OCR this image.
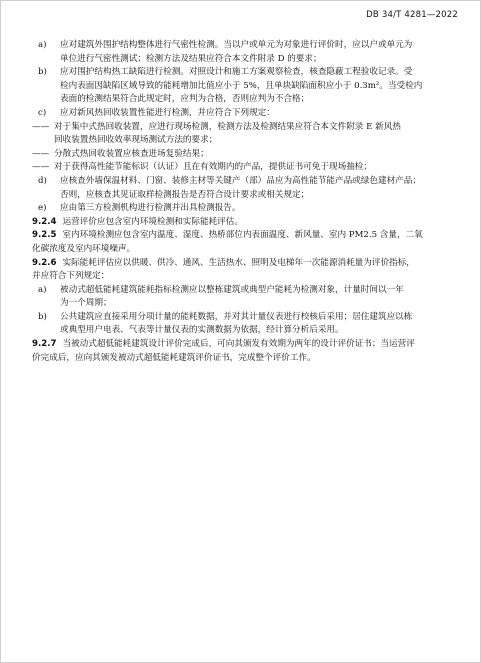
DB 34/T 4281—2022
a)	应对建筑外围护结构整体进行气密性检测。当以户或单元为对象进行评价时，应以户或单元为
单位进行气密性测试；检测方法及结果应符合本文件附录 D 的要求；
b)	应对围护结构热工缺陷进行检测。对照设计和施工方案观察检查，核查隐蔽工程验收记录。受
检内表面因缺陷区域导致的能耗增加比值应小于 5%，且单块缺陷面积应小于 0.3m²。当受检内
表面的检测结果符合此规定时，应判为合格，否则应判为不合格；
c)	应对新风热回收装置性能进行检测，并应符合下列规定：
—— 对于集中式热回收装置，应进行现场检测，检测方法及检测结果应符合本文件附录 E 新风热
回收装置热回收效率现场测试方法的要求；
—— 分散式热回收装置应核查进场复验结果；
—— 对于获得高性能节能标识（认证）且在有效期内的产品，提供证书可免于现场抽检；
d)	应核查外墙保温材料、门窗、装修主材等关键产（部）品应为高性能节能产品或绿色建材产品；
否则，应核查其见证取样检测报告是否符合设计要求或相关规定；
e)	应由第三方检测机构进行检测并出具检测报告。
9.2.4 运营评价应包含室内环境检测和实际能耗评估。
9.2.5 室内环境检测应包含室内温度、湿度、热桥部位内表面温度、新风量、室内 PM2.5 含量，二氧
化碳浓度及室内环境噪声。
9.2.6 实际能耗评估应以供暖、供冷、通风、生活热水、照明及电梯年一次能源消耗量为评价指标，
并应符合下列规定：
a)	被动式超低能耗建筑能耗指标检测应以整栋建筑或典型户能耗为检测对象，计量时间以一年
为一个周期；
b)	公共建筑应直接采用分项计量的能耗数据，并对其计量仪表进行校核后采用；居住建筑应以栋
或典型用户电表、气表等计量仪表的实测数据为依据，经计算分析后采用。
9.2.7 当被动式超低能耗建筑设计评价完成后，可向其颁发有效期为两年的设计评价证书；当运营评
价完成后，应向其颁发被动式超低能耗建筑评价证书，完成整个评价工作。
